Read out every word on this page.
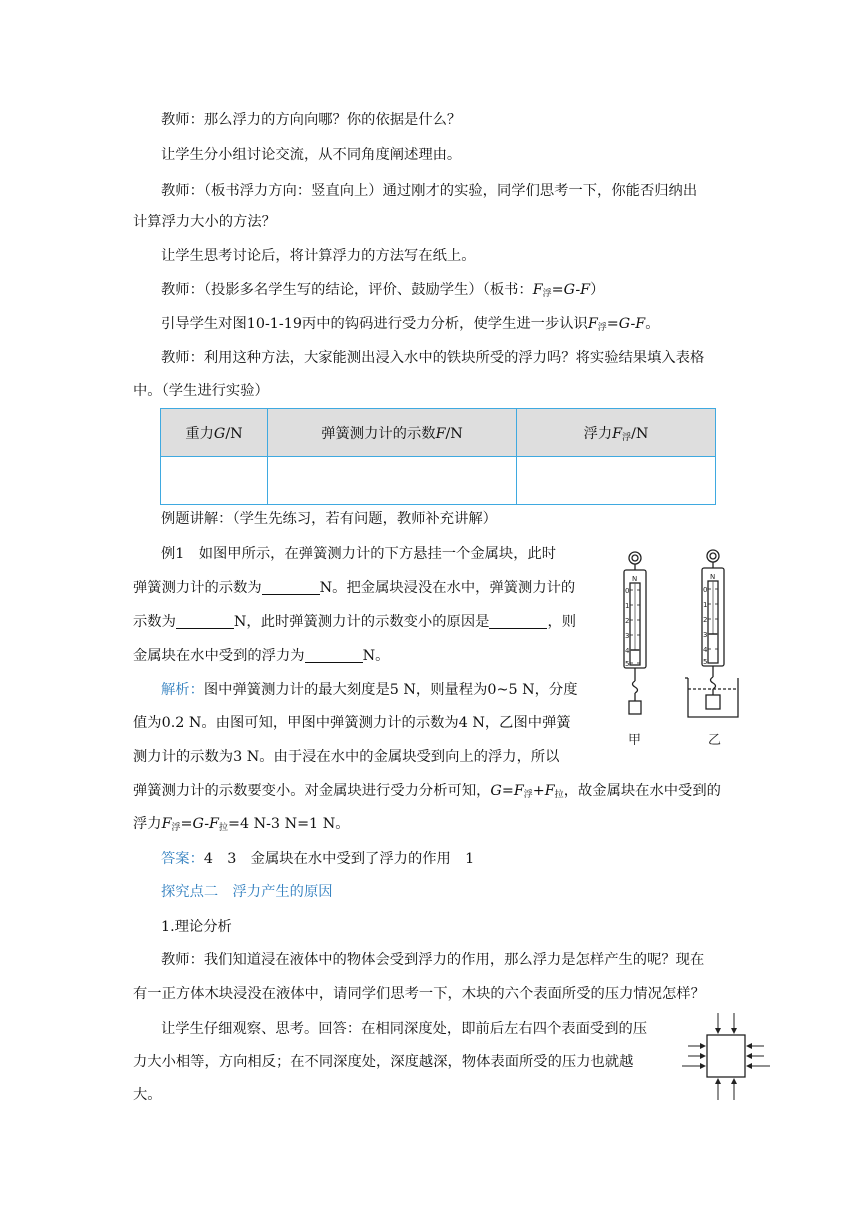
教师：那么浮力的方向向哪？你的依据是什么？
让学生分小组讨论交流，从不同角度阐述理由。
教师：（板书浮力方向：竖直向上）通过刚才的实验，同学们思考一下，你能否归纳出
计算浮力大小的方法？
让学生思考讨论后，将计算浮力的方法写在纸上。
教师：（投影多名学生写的结论，评价、鼓励学生）（板书：$F_浮=G-F$）
引导学生对图10-1-19丙中的钩码进行受力分析，使学生进一步认识$F_浮=G-F$。
教师：利用这种方法，大家能测出浸入水中的铁块所受的浮力吗？将实验结果填入表格
中。（学生进行实验）
重力G/N	弹簧测力计的示数F/N	浮力$F_浮/N$

例题讲解：（学生先练习，若有问题，教师补充讲解）
例1　如图甲所示，在弹簧测力计的下方悬挂一个金属块，此时
弹簧测力计的示数为	N。把金属块浸没在水中，弹簧测力计的
示数为	N，此时弹簧测力计的示数变小的原因是	，则
金属块在水中受到的浮力为	N。
解析：图中弹簧测力计的最大刻度是5 N，则量程为0~5 N，分度
值为0.2 N。由图可知，甲图中弹簧测力计的示数为4 N，乙图中弹簧
测力计的示数为3 N。由于浸在水中的金属块受到向上的浮力，所以
弹簧测力计的示数要变小。对金属块进行受力分析可知，$G=F_浮+F_拉$，故金属块在水中受到的
浮力$F_浮=G-F_拉=4$ N-3 N=1 N。
答案：4　3　金属块在水中受到了浮力的作用　1
探究点二　浮力产生的原因
1.理论分析
教师：我们知道浸在液体中的物体会受到浮力的作用，那么浮力是怎样产生的呢？现在
有一正方体木块浸没在液体中，请同学们思考一下，木块的六个表面所受的压力情况怎样？
让学生仔细观察、思考。回答：在相同深度处，即前后左右四个表面受到的压
力大小相等，方向相反；在不同深度处，深度越深，物体表面所受的压力也就越
大。
N
0
1
2
3
4
5
N
0
1
2
3
4
5
甲	乙
